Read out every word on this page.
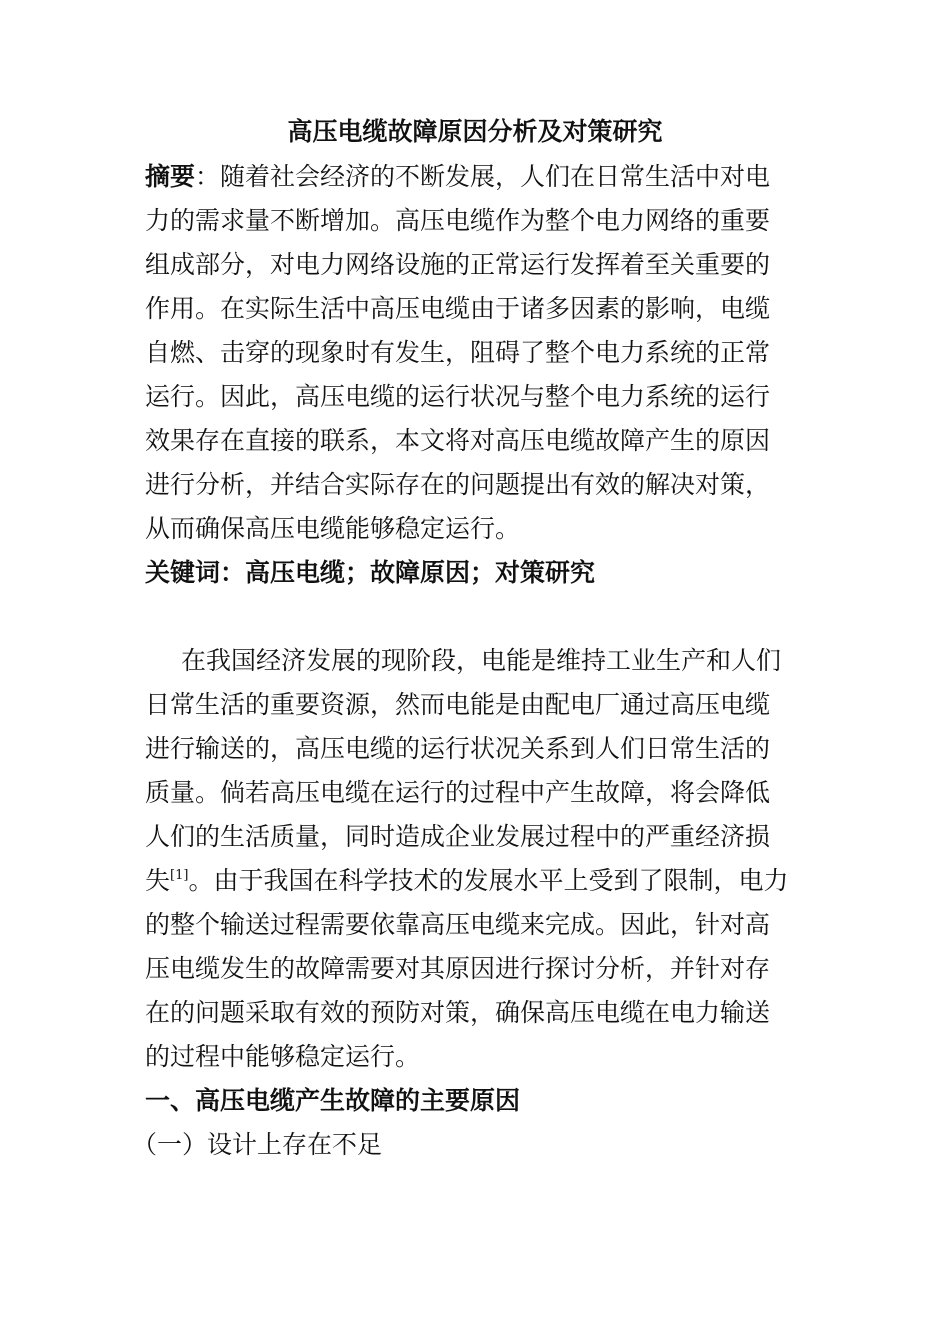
高压电缆故障原因分析及对策研究
摘要：随着社会经济的不断发展，人们在日常生活中对电
力的需求量不断增加。高压电缆作为整个电力网络的重要
组成部分，对电力网络设施的正常运行发挥着至关重要的
作用。在实际生活中高压电缆由于诸多因素的影响，电缆
自燃、击穿的现象时有发生，阻碍了整个电力系统的正常
运行。因此，高压电缆的运行状况与整个电力系统的运行
效果存在直接的联系，本文将对高压电缆故障产生的原因
进行分析，并结合实际存在的问题提出有效的解决对策，
从而确保高压电缆能够稳定运行。
关键词：高压电缆；故障原因；对策研究
在我国经济发展的现阶段，电能是维持工业生产和人们
日常生活的重要资源，然而电能是由配电厂通过高压电缆
进行输送的，高压电缆的运行状况关系到人们日常生活的
质量。倘若高压电缆在运行的过程中产生故障，将会降低
人们的生活质量，同时造成企业发展过程中的严重经济损
失[1]。由于我国在科学技术的发展水平上受到了限制，电力
的整个输送过程需要依靠高压电缆来完成。因此，针对高
压电缆发生的故障需要对其原因进行探讨分析，并针对存
在的问题采取有效的预防对策，确保高压电缆在电力输送
的过程中能够稳定运行。
一、高压电缆产生故障的主要原因
（一）设计上存在不足
